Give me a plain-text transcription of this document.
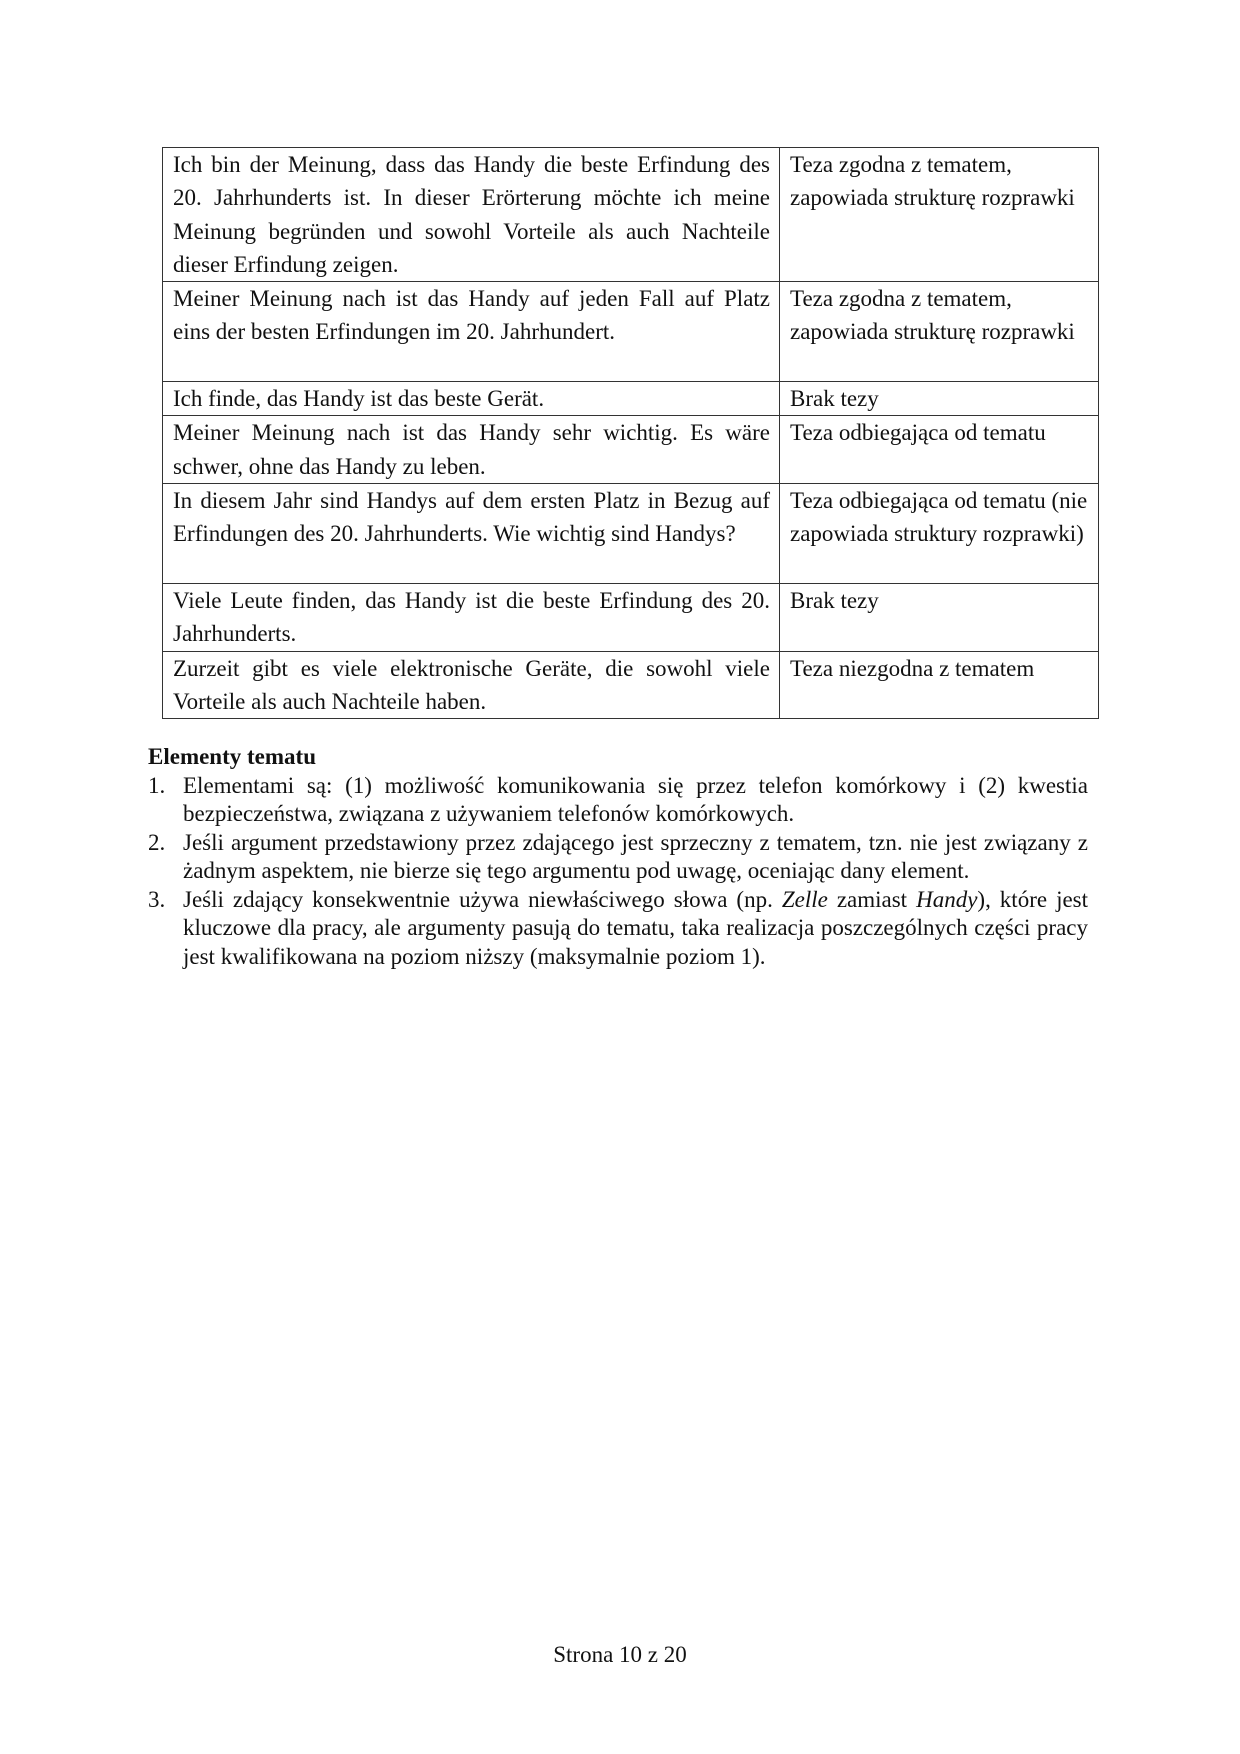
Ich bin der Meinung, dass das Handy die beste Erfindung des 20. Jahrhunderts ist. In dieser Erörterung möchte ich meine Meinung begründen und sowohl Vorteile als auch Nachteile dieser Erfindung zeigen.	Teza zgodna z tematem, zapowiada strukturę rozprawki
Meiner Meinung nach ist das Handy auf jeden Fall auf Platz eins der besten Erfindungen im 20. Jahrhundert.	Teza zgodna z tematem, zapowiada strukturę rozprawki
Ich finde, das Handy ist das beste Gerät.	Brak tezy
Meiner Meinung nach ist das Handy sehr wichtig. Es wäre schwer, ohne das Handy zu leben.	Teza odbiegająca od tematu
In diesem Jahr sind Handys auf dem ersten Platz in Bezug auf Erfindungen des 20. Jahrhunderts. Wie wichtig sind Handys?	Teza odbiegająca od tematu (nie zapowiada struktury rozprawki)
Viele Leute finden, das Handy ist die beste Erfindung des 20. Jahrhunderts.	Brak tezy
Zurzeit gibt es viele elektronische Geräte, die sowohl viele Vorteile als auch Nachteile haben.	Teza niezgodna z tematem
Elementy tematu
1. Elementami są: (1) możliwość komunikowania się przez telefon komórkowy i (2) kwestia bezpieczeństwa, związana z używaniem telefonów komórkowych.
2. Jeśli argument przedstawiony przez zdającego jest sprzeczny z tematem, tzn. nie jest związany z żadnym aspektem, nie bierze się tego argumentu pod uwagę, oceniając dany element.
3. Jeśli zdający konsekwentnie używa niewłaściwego słowa (np. Zelle zamiast Handy), które jest kluczowe dla pracy, ale argumenty pasują do tematu, taka realizacja poszczególnych części pracy jest kwalifikowana na poziom niższy (maksymalnie poziom 1).
Strona 10 z 20
